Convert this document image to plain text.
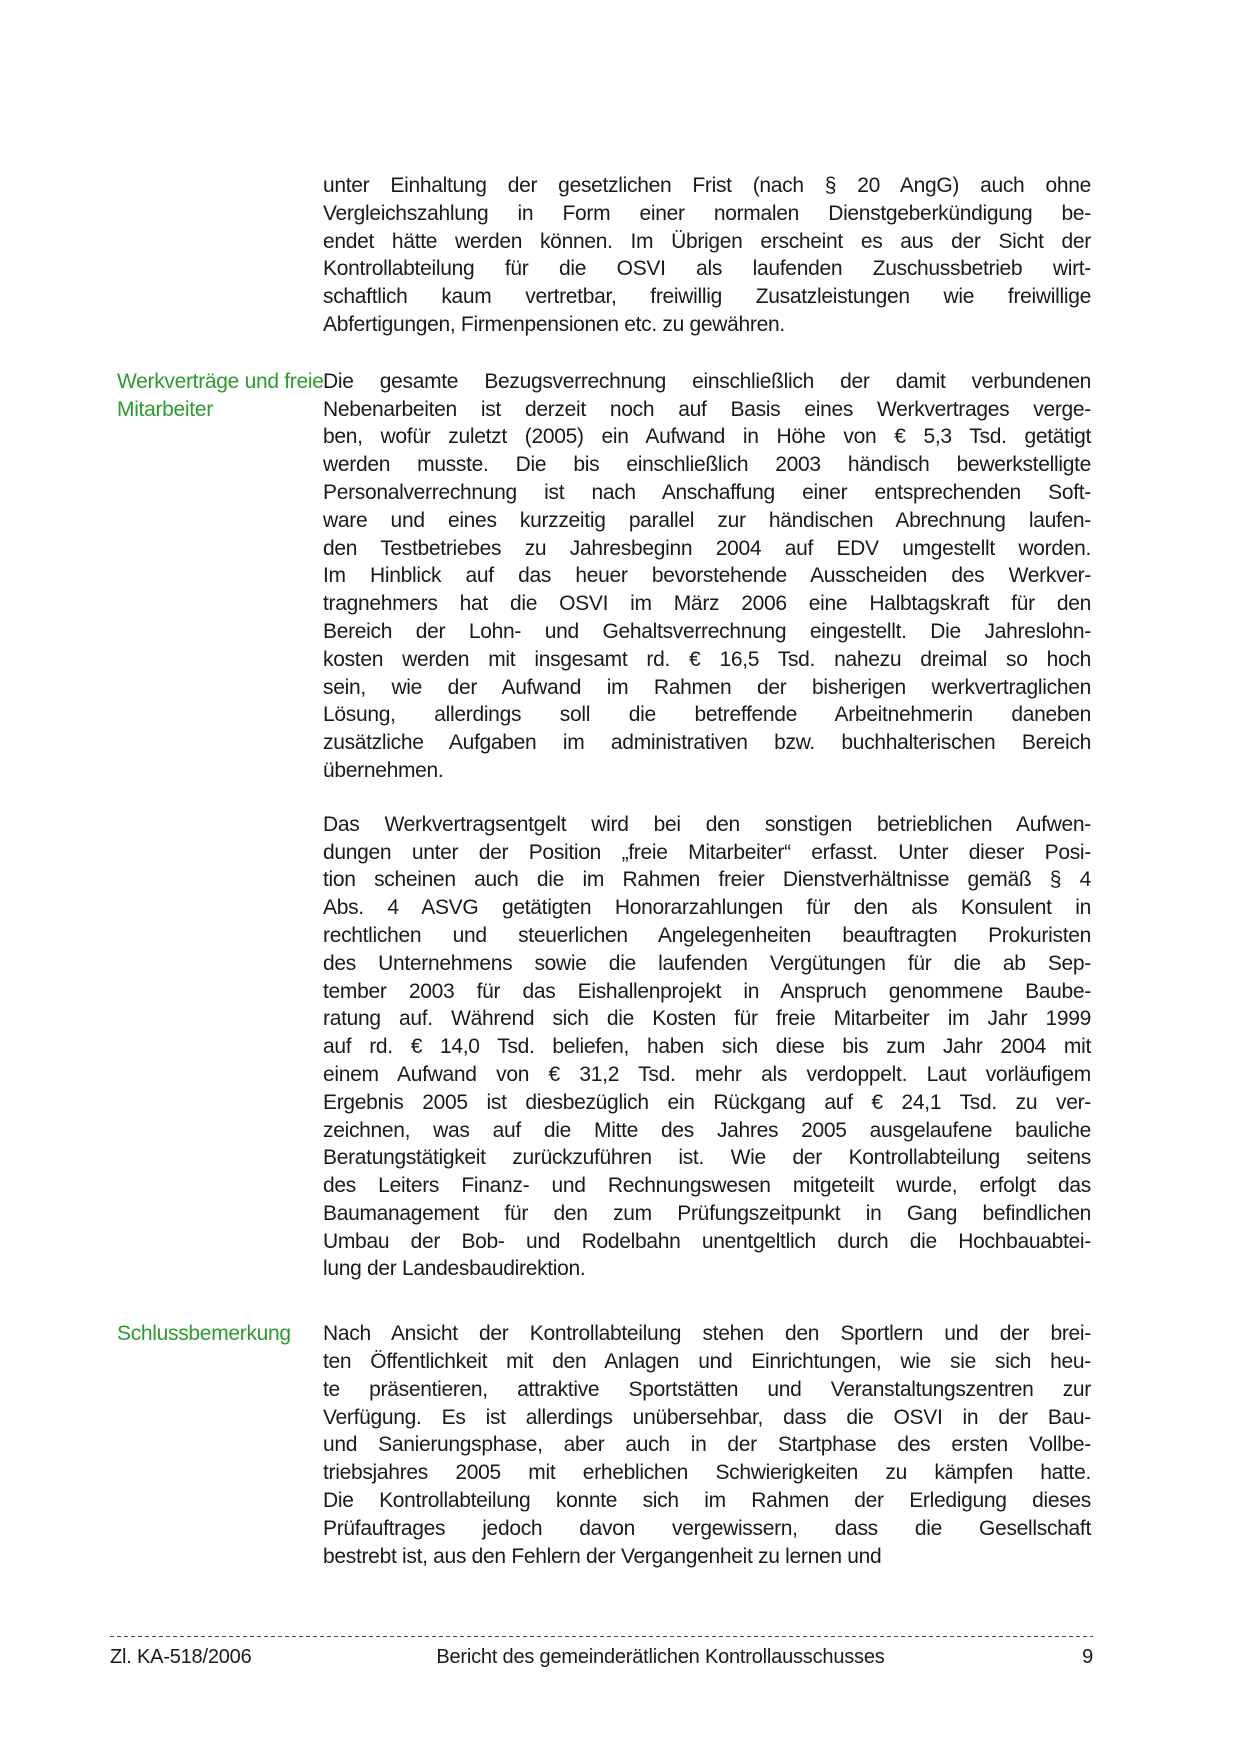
unter Einhaltung der gesetzlichen Frist (nach § 20 AngG) auch ohne
Vergleichszahlung in Form einer normalen Dienstgeberkündigung be-
endet hätte werden können. Im Übrigen erscheint es aus der Sicht der
Kontrollabteilung für die OSVI als laufenden Zuschussbetrieb wirt-
schaftlich kaum vertretbar, freiwillig Zusatzleistungen wie freiwillige
Abfertigungen, Firmenpensionen etc. zu gewähren.
Werkverträge und freie
Mitarbeiter
Die gesamte Bezugsverrechnung einschließlich der damit verbundenen
Nebenarbeiten ist derzeit noch auf Basis eines Werkvertrages verge-
ben, wofür zuletzt (2005) ein Aufwand in Höhe von € 5,3 Tsd. getätigt
werden musste. Die bis einschließlich 2003 händisch bewerkstelligte
Personalverrechnung ist nach Anschaffung einer entsprechenden Soft-
ware und eines kurzzeitig parallel zur händischen Abrechnung laufen-
den Testbetriebes zu Jahresbeginn 2004 auf EDV umgestellt worden.
Im Hinblick auf das heuer bevorstehende Ausscheiden des Werkver-
tragnehmers hat die OSVI im März 2006 eine Halbtagskraft für den
Bereich der Lohn- und Gehaltsverrechnung eingestellt. Die Jahreslohn-
kosten werden mit insgesamt rd. € 16,5 Tsd. nahezu dreimal so hoch
sein, wie der Aufwand im Rahmen der bisherigen werkvertraglichen
Lösung, allerdings soll die betreffende Arbeitnehmerin daneben
zusätzliche Aufgaben im administrativen bzw. buchhalterischen Bereich
übernehmen.
Das Werkvertragsentgelt wird bei den sonstigen betrieblichen Aufwen-
dungen unter der Position „freie Mitarbeiter“ erfasst. Unter dieser Posi-
tion scheinen auch die im Rahmen freier Dienstverhältnisse gemäß § 4
Abs. 4 ASVG getätigten Honorarzahlungen für den als Konsulent in
rechtlichen und steuerlichen Angelegenheiten beauftragten Prokuristen
des Unternehmens sowie die laufenden Vergütungen für die ab Sep-
tember 2003 für das Eishallenprojekt in Anspruch genommene Baube-
ratung auf. Während sich die Kosten für freie Mitarbeiter im Jahr 1999
auf rd. € 14,0 Tsd. beliefen, haben sich diese bis zum Jahr 2004 mit
einem Aufwand von € 31,2 Tsd. mehr als verdoppelt. Laut vorläufigem
Ergebnis 2005 ist diesbezüglich ein Rückgang auf € 24,1 Tsd. zu ver-
zeichnen, was auf die Mitte des Jahres 2005 ausgelaufene bauliche
Beratungstätigkeit zurückzuführen ist. Wie der Kontrollabteilung seitens
des Leiters Finanz- und Rechnungswesen mitgeteilt wurde, erfolgt das
Baumanagement für den zum Prüfungszeitpunkt in Gang befindlichen
Umbau der Bob- und Rodelbahn unentgeltlich durch die Hochbauabtei-
lung der Landesbaudirektion.
Schlussbemerkung	Nach Ansicht der Kontrollabteilung stehen den Sportlern und der brei-
ten Öffentlichkeit mit den Anlagen und Einrichtungen, wie sie sich heu-
te präsentieren, attraktive Sportstätten und Veranstaltungszentren zur
Verfügung. Es ist allerdings unübersehbar, dass die OSVI in der Bau-
und Sanierungsphase, aber auch in der Startphase des ersten Vollbe-
triebsjahres 2005 mit erheblichen Schwierigkeiten zu kämpfen hatte.
Die Kontrollabteilung konnte sich im Rahmen der Erledigung dieses
Prüfauftrages jedoch davon vergewissern, dass die Gesellschaft
bestrebt ist, aus den Fehlern der Vergangenheit zu lernen und
Zl. KA-518/2006	Bericht des gemeinderätlichen Kontrollausschusses	9
